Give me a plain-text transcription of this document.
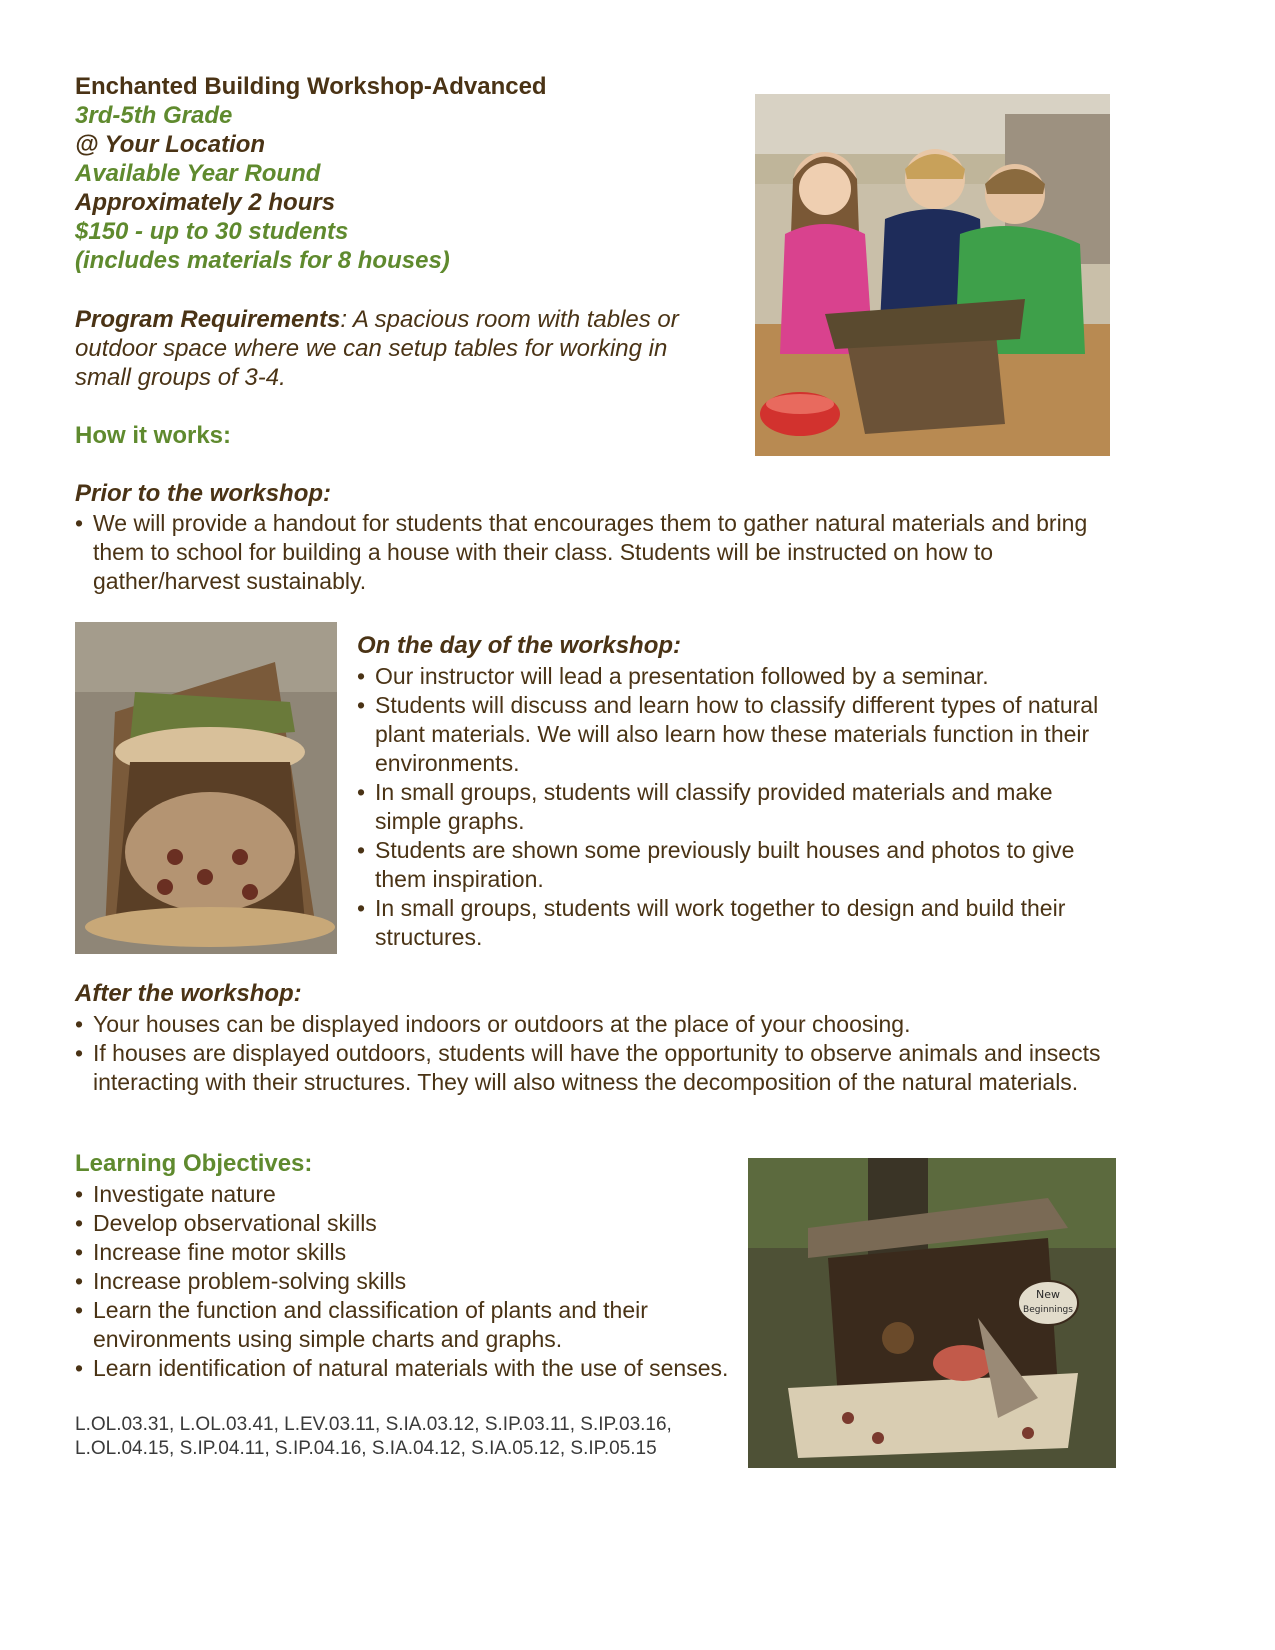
Enchanted Building Workshop-Advanced
3rd-5th Grade
@ Your Location
Available Year Round
Approximately 2 hours
$150 - up to 30 students
(includes materials for 8 houses)
Program Requirements: A spacious room with tables or outdoor space where we can setup tables for working in small groups of 3-4.
How it works:
Prior to the workshop:
• We will provide a handout for students that encourages them to gather natural materials and bring them to school for building a house with their class. Students will be instructed on how to gather/harvest sustainably.
On the day of the workshop:
• Our instructor will lead a presentation followed by a seminar.
• Students will discuss and learn how to classify different types of natural plant materials. We will also learn how these materials function in their environments.
• In small groups, students will classify provided materials and make simple graphs.
• Students are shown some previously built houses and photos to give them inspiration.
• In small groups, students will work together to design and build their structures.
After the workshop:
• Your houses can be displayed indoors or outdoors at the place of your choosing.
• If houses are displayed outdoors, students will have the opportunity to observe animals and insects interacting with their structures. They will also witness the decomposition of the natural materials.
Learning Objectives:
• Investigate nature
• Develop observational skills
• Increase fine motor skills
• Increase problem-solving skills
• Learn the function and classification of plants and their environments using simple charts and graphs.
• Learn identification of natural materials with the use of senses.
L.OL.03.31, L.OL.03.41, L.EV.03.11, S.IA.03.12, S.IP.03.11, S.IP.03.16,
L.OL.04.15, S.IP.04.11, S.IP.04.16, S.IA.04.12, S.IA.05.12, S.IP.05.15
New
Beginnings
